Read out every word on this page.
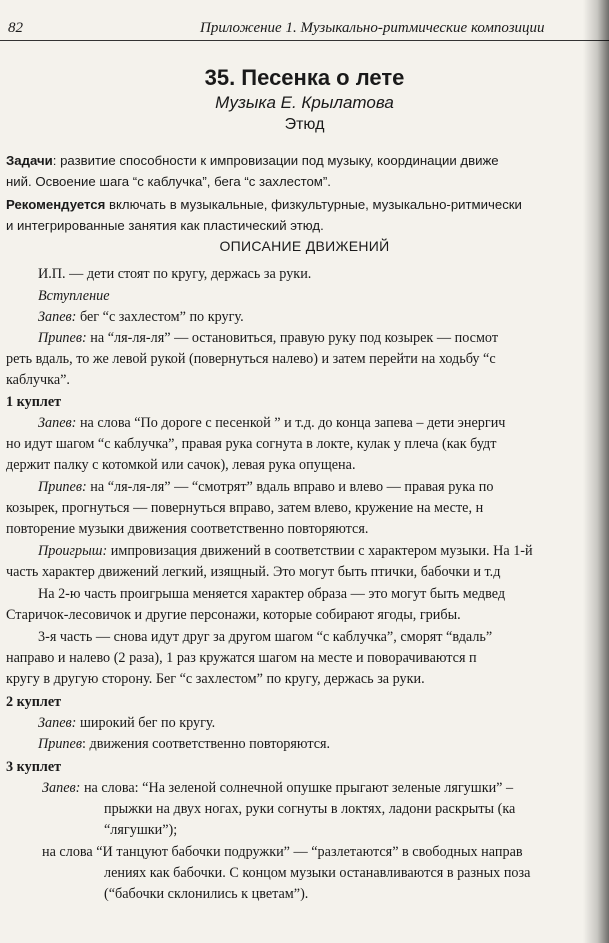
82	Приложение 1. Музыкально-ритмические композиции

35. Песенка о лете

Музыка Е. Крылатова

Этюд

Задачи: развитие способности к импровизации под музыку, координации движе
ний. Освоение шага “с каблучка”, бега “с захлестом”.
Рекомендуется включать в музыкальные, физкультурные, музыкально-ритмически
и интегрированные занятия как пластический этюд.
ОПИСАНИЕ ДВИЖЕНИЙ
И.П. — дети стоят по кругу, держась за руки.
Вступление
Запев: бег “с захлестом” по кругу.
Припев: на “ля-ля-ля” — остановиться, правую руку под козырек — посмот
реть вдаль, то же левой рукой (повернуться налево) и затем перейти на ходьбу “с
каблучка”.
1 куплет
Запев: на слова “По дороге с песенкой ” и т.д. до конца запева – дети энергич
но идут шагом “с каблучка”, правая рука согнута в локте, кулак у плеча (как будт
держит палку с котомкой или сачок), левая рука опущена.
Припев: на “ля-ля-ля” — “смотрят” вдаль вправо и влево — правая рука по
козырек, прогнуться — повернуться вправо, затем влево, кружение на месте, н
повторение музыки движения соответственно повторяются.
Проигрыш: импровизация движений в соответствии с характером музыки. На 1-й
часть характер движений легкий, изящный. Это могут быть птички, бабочки и т.д
На 2-ю часть проигрыша меняется характер образа — это могут быть медвед
Старичок-лесовичок и другие персонажи, которые собирают ягоды, грибы.
3-я часть — снова идут друг за другом шагом “с каблучка”, сморят “вдаль”
направо и налево (2 раза), 1 раз кружатся шагом на месте и поворачиваются п
кругу в другую сторону. Бег “с захлестом” по кругу, держась за руки.
2 куплет
Запев: широкий бег по кругу.
Припев: движения соответственно повторяются.
3 куплет
Запев: на слова: “На зеленой солнечной опушке прыгают зеленые лягушки” –
прыжки на двух ногах, руки согнуты в локтях, ладони раскрыты (ка
“лягушки”);
на слова “И танцуют бабочки подружки” — “разлетаются” в свободных направ
лениях как бабочки. С концом музыки останавливаются в разных поза
(“бабочки склонились к цветам”).
